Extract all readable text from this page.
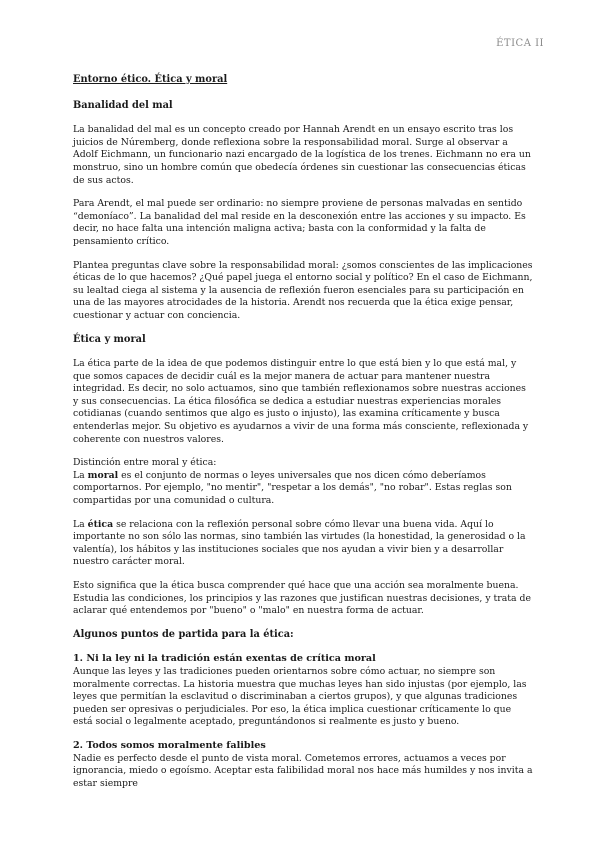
ÉTICA II

Entorno ético. Ética y moral

Banalidad del mal

La banalidad del mal es un concepto creado por Hannah Arendt en un ensayo escrito tras los juicios de Núremberg, donde reflexiona sobre la responsabilidad moral. Surge al observar a Adolf Eichmann, un funcionario nazi encargado de la logística de los trenes. Eichmann no era un monstruo, sino un hombre común que obedecía órdenes sin cuestionar las consecuencias éticas de sus actos.

Para Arendt, el mal puede ser ordinario: no siempre proviene de personas malvadas en sentido “demoníaco”. La banalidad del mal reside en la desconexión entre las acciones y su impacto. Es decir, no hace falta una intención maligna activa; basta con la conformidad y la falta de pensamiento crítico.

Plantea preguntas clave sobre la responsabilidad moral: ¿somos conscientes de las implicaciones éticas de lo que hacemos? ¿Qué papel juega el entorno social y político? En el caso de Eichmann, su lealtad ciega al sistema y la ausencia de reflexión fueron esenciales para su participación en una de las mayores atrocidades de la historia. Arendt nos recuerda que la ética exige pensar, cuestionar y actuar con conciencia.

Ética y moral

La ética parte de la idea de que podemos distinguir entre lo que está bien y lo que está mal, y que somos capaces de decidir cuál es la mejor manera de actuar para mantener nuestra integridad. Es decir, no solo actuamos, sino que también reflexionamos sobre nuestras acciones y sus consecuencias. La ética filosófica se dedica a estudiar nuestras experiencias morales cotidianas (cuando sentimos que algo es justo o injusto), las examina críticamente y busca entenderlas mejor. Su objetivo es ayudarnos a vivir de una forma más consciente, reflexionada y coherente con nuestros valores.

Distinción entre moral y ética:

La moral es el conjunto de normas o leyes universales que nos dicen cómo deberíamos comportarnos. Por ejemplo, "no mentir", "respetar a los demás", "no robar". Estas reglas son compartidas por una comunidad o cultura.

La ética se relaciona con la reflexión personal sobre cómo llevar una buena vida. Aquí lo importante no son sólo las normas, sino también las virtudes (la honestidad, la generosidad o la valentía), los hábitos y las instituciones sociales que nos ayudan a vivir bien y a desarrollar nuestro carácter moral.

Esto significa que la ética busca comprender qué hace que una acción sea moralmente buena. Estudia las condiciones, los principios y las razones que justifican nuestras decisiones, y trata de aclarar qué entendemos por "bueno" o "malo" en nuestra forma de actuar.

Algunos puntos de partida para la ética:

1. Ni la ley ni la tradición están exentas de crítica moral

Aunque las leyes y las tradiciones pueden orientarnos sobre cómo actuar, no siempre son moralmente correctas. La historia muestra que muchas leyes han sido injustas (por ejemplo, las leyes que permitían la esclavitud o discriminaban a ciertos grupos), y que algunas tradiciones pueden ser opresivas o perjudiciales. Por eso, la ética implica cuestionar críticamente lo que está social o legalmente aceptado, preguntándonos si realmente es justo y bueno.

2. Todos somos moralmente falibles

Nadie es perfecto desde el punto de vista moral. Cometemos errores, actuamos a veces por ignorancia, miedo o egoísmo. Aceptar esta falibilidad moral nos hace más humildes y nos invita a estar siempre
